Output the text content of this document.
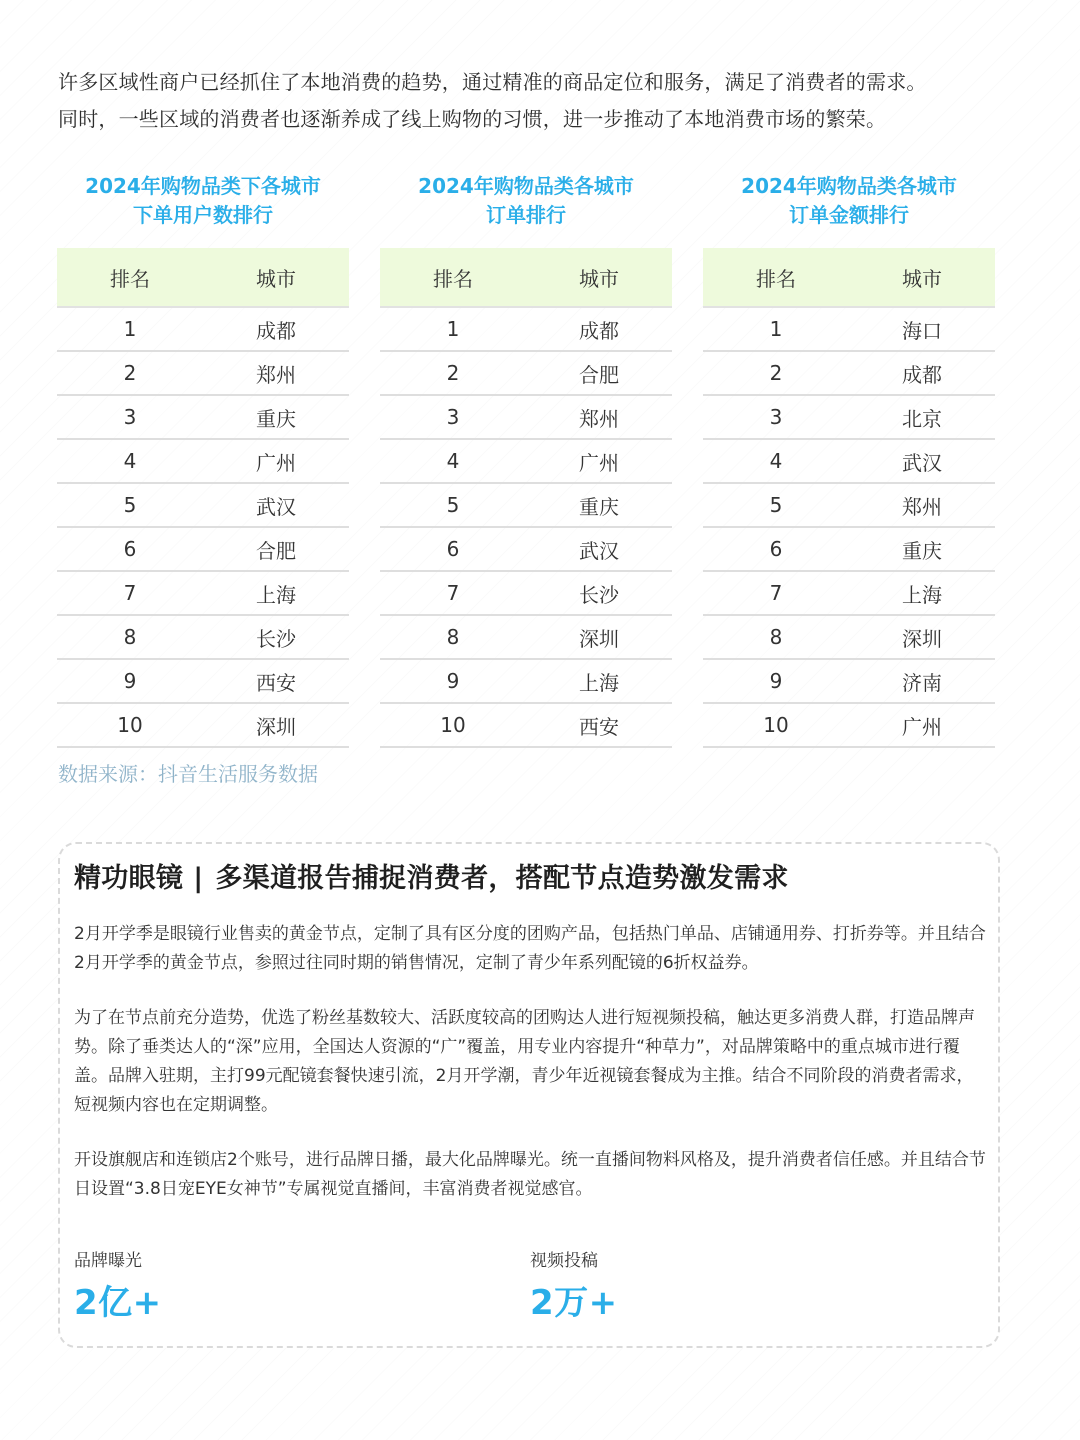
许多区域性商户已经抓住了本地消费的趋势，通过精准的商品定位和服务，满足了消费者的需求。

同时，一些区域的消费者也逐渐养成了线上购物的习惯，进一步推动了本地消费市场的繁荣。

2024年购物品类下各城市
下单用户数排行
排名	城市
1	成都
2	郑州
3	重庆
4	广州
5	武汉
6	合肥
7	上海
8	长沙
9	西安
10	深圳
2024年购物品类各城市
订单排行
排名	城市
1	成都
2	合肥
3	郑州
4	广州
5	重庆
6	武汉
7	长沙
8	深圳
9	上海
10	西安
2024年购物品类各城市
订单金额排行
排名	城市
1	海口
2	成都
3	北京
4	武汉
5	郑州
6	重庆
7	上海
8	深圳
9	济南
10	广州
数据来源：抖音生活服务数据
精功眼镜 | 多渠道报告捕捉消费者，搭配节点造势激发需求

2月开学季是眼镜行业售卖的黄金节点，定制了具有区分度的团购产品，包括热门单品、店铺通用券、打折券等。并且结合2月开学季的黄金节点，参照过往同时期的销售情况，定制了青少年系列配镜的6折权益券。

为了在节点前充分造势，优选了粉丝基数较大、活跃度较高的团购达人进行短视频投稿，触达更多消费人群，打造品牌声势。除了垂类达人的“深”应用，全国达人资源的“广”覆盖，用专业内容提升“种草力”，对品牌策略中的重点城市进行覆盖。品牌入驻期，主打99元配镜套餐快速引流，2月开学潮，青少年近视镜套餐成为主推。结合不同阶段的消费者需求，短视频内容也在定期调整。

开设旗舰店和连锁店2个账号，进行品牌日播，最大化品牌曝光。统一直播间物料风格及，提升消费者信任感。并且结合节日设置“3.8日宠EYE女神节”专属视觉直播间，丰富消费者视觉感官。

品牌曝光
2亿+
视频投稿
2万+
